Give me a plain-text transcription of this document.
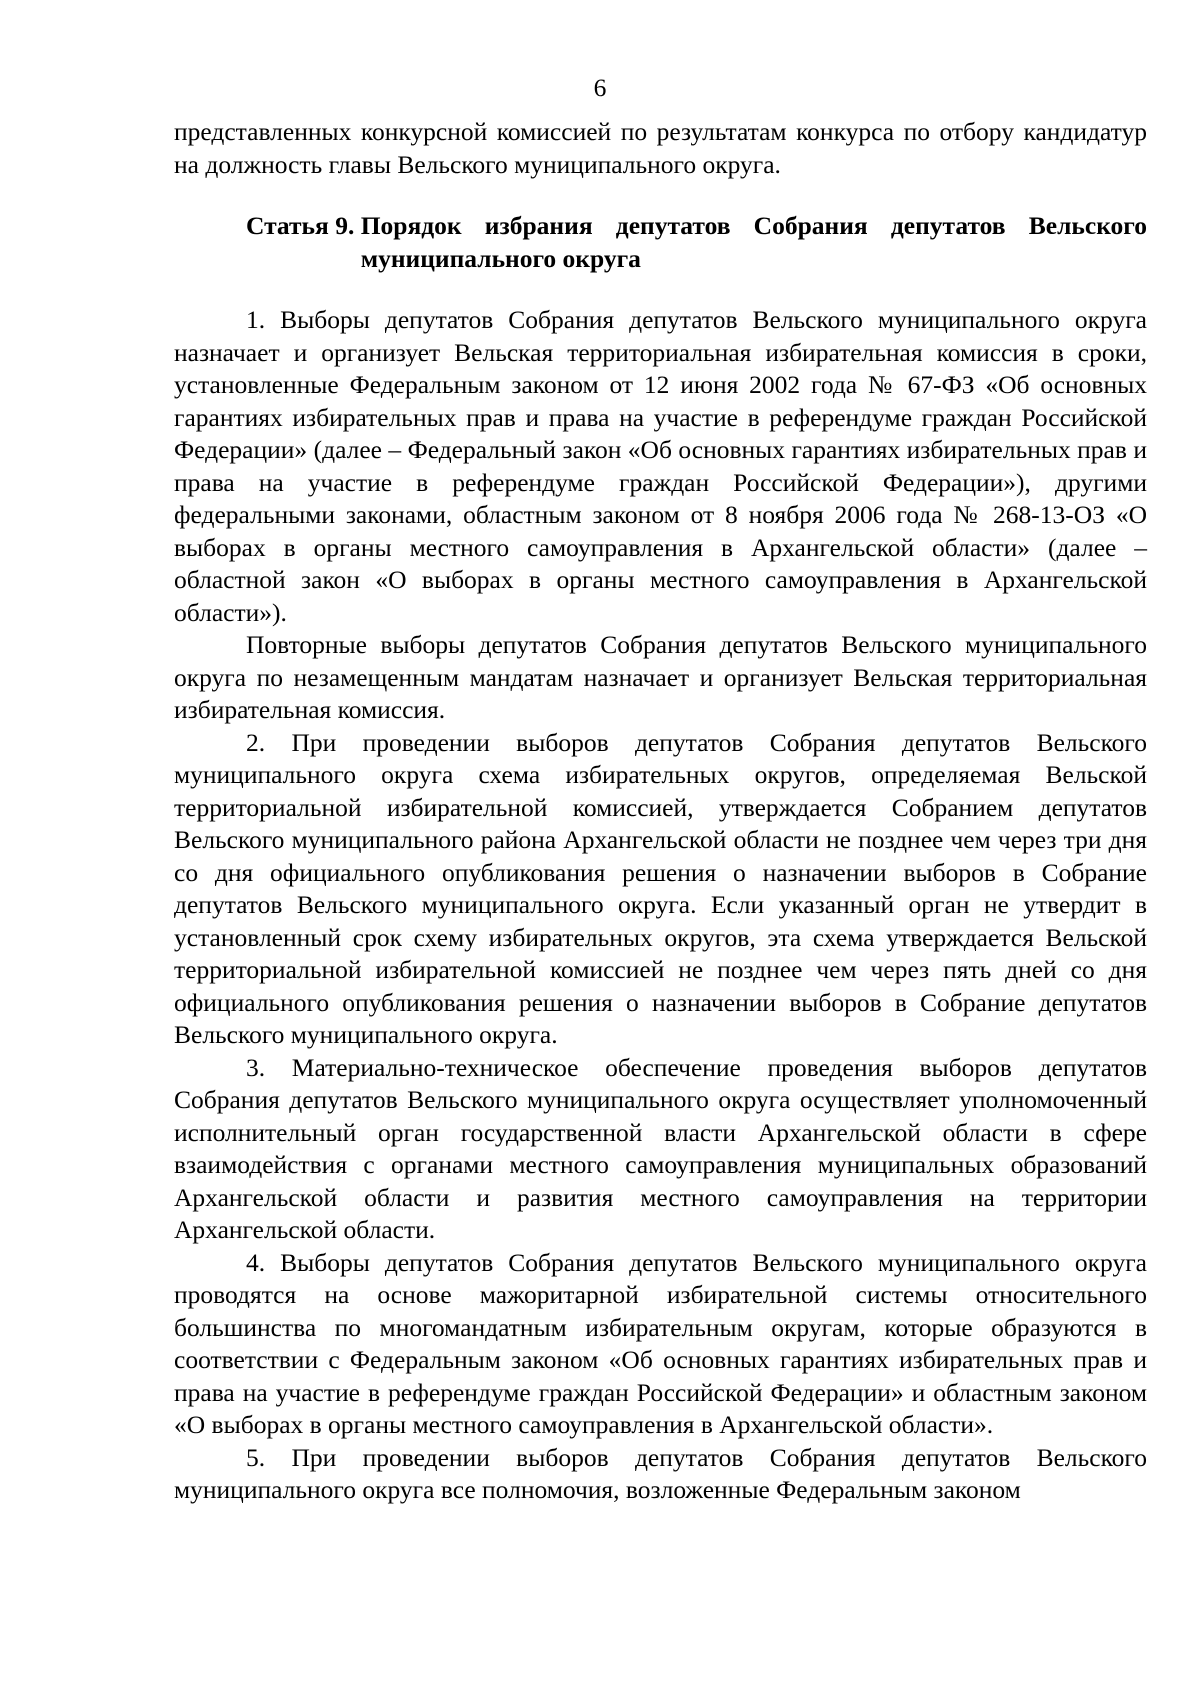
6

представленных конкурсной комиссией по результатам конкурса по отбору кандидатур на должность главы Вельского муниципального округа.

Статья 9. Порядок избрания депутатов Собрания депутатов Вельского муниципального округа

1. Выборы депутатов Собрания депутатов Вельского муниципального округа назначает и организует Вельская территориальная избирательная комиссия в сроки, установленные Федеральным законом от 12 июня 2002 года № 67-ФЗ «Об основных гарантиях избирательных прав и права на участие в референдуме граждан Российской Федерации» (далее – Федеральный закон «Об основных гарантиях избирательных прав и права на участие в референдуме граждан Российской Федерации»), другими федеральными законами, областным законом от 8 ноября 2006 года № 268-13-ОЗ «О выборах в органы местного самоуправления в Архангельской области» (далее – областной закон «О выборах в органы местного самоуправления в Архангельской области»).

Повторные выборы депутатов Собрания депутатов Вельского муниципального округа по незамещенным мандатам назначает и организует Вельская территориальная избирательная комиссия.

2. При проведении выборов депутатов Собрания депутатов Вельского муниципального округа схема избирательных округов, определяемая Вельской территориальной избирательной комиссией, утверждается Собранием депутатов Вельского муниципального района Архангельской области не позднее чем через три дня со дня официального опубликования решения о назначении выборов в Собрание депутатов Вельского муниципального округа. Если указанный орган не утвердит в установленный срок схему избирательных округов, эта схема утверждается Вельской территориальной избирательной комиссией не позднее чем через пять дней со дня официального опубликования решения о назначении выборов в Собрание депутатов Вельского муниципального округа.

3. Материально-техническое обеспечение проведения выборов депутатов Собрания депутатов Вельского муниципального округа осуществляет уполномоченный исполнительный орган государственной власти Архангельской области в сфере взаимодействия с органами местного самоуправления муниципальных образований Архангельской области и развития местного самоуправления на территории Архангельской области.

4. Выборы депутатов Собрания депутатов Вельского муниципального округа проводятся на основе мажоритарной избирательной системы относительного большинства по многомандатным избирательным округам, которые образуются в соответствии с Федеральным законом «Об основных гарантиях избирательных прав и права на участие в референдуме граждан Российской Федерации» и областным законом «О выборах в органы местного самоуправления в Архангельской области».

5. При проведении выборов депутатов Собрания депутатов Вельского муниципального округа все полномочия, возложенные Федеральным законом
